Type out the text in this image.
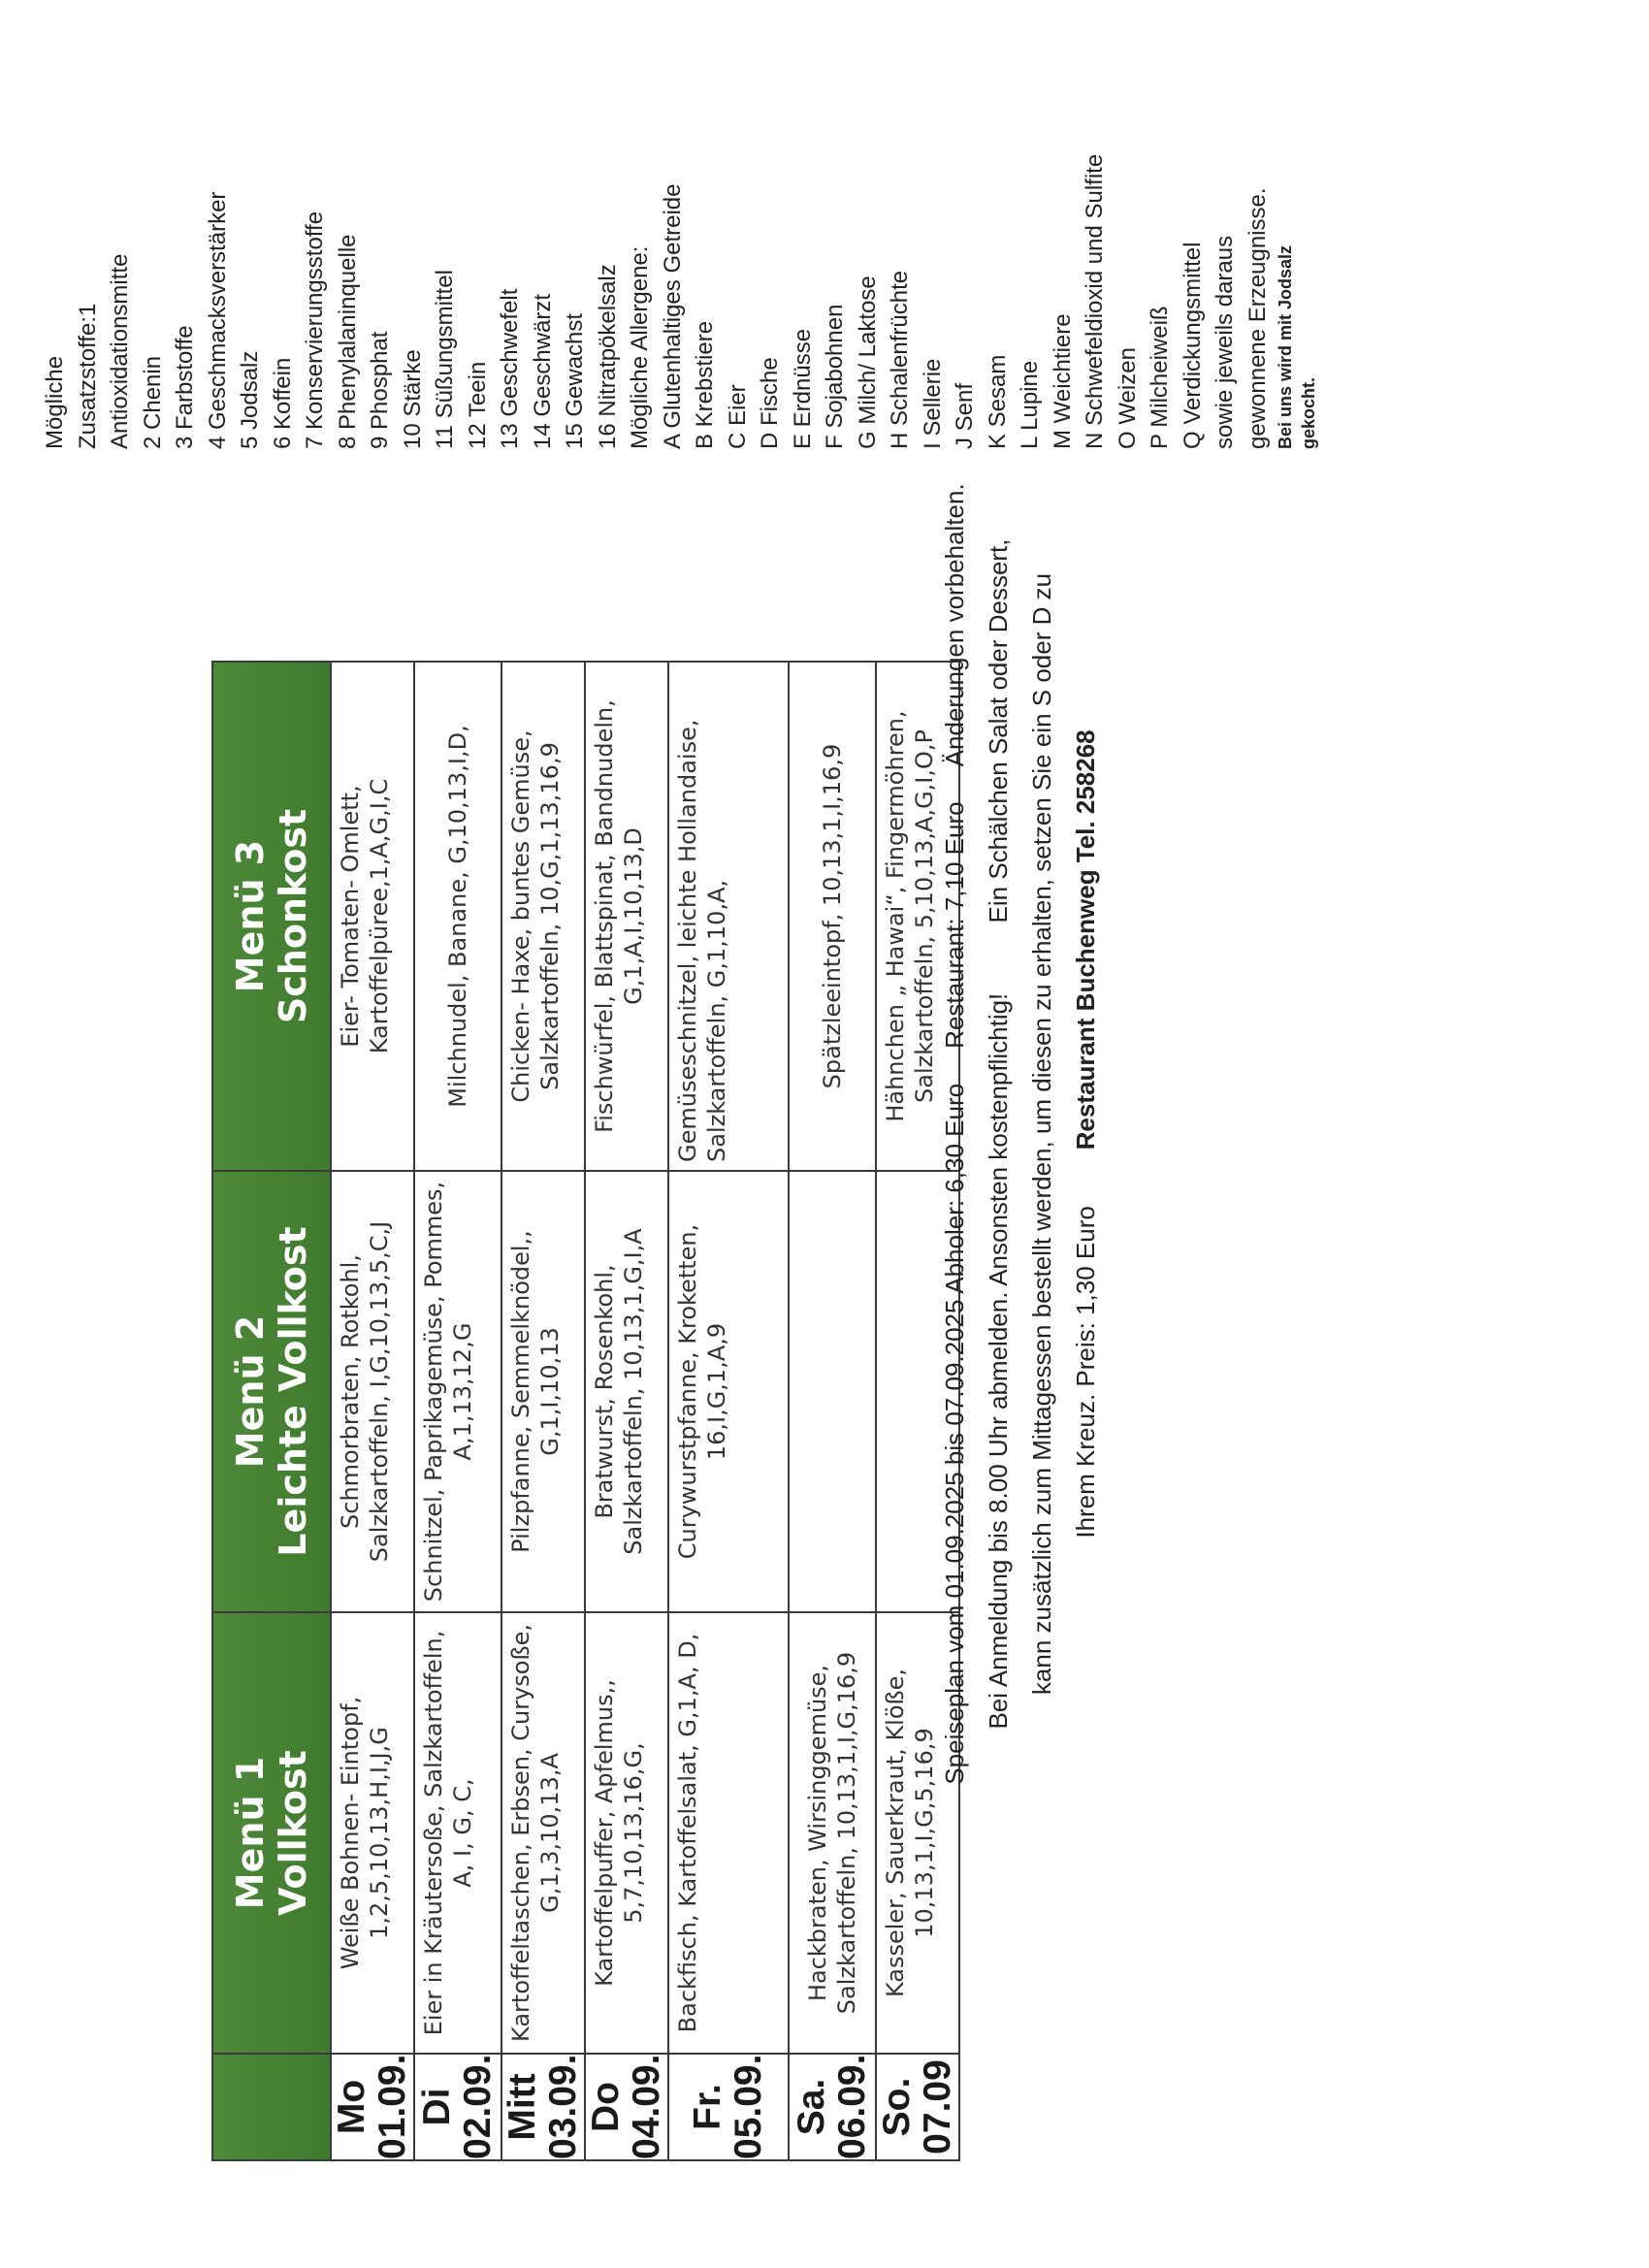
	Menü 1 Vollkost	Menü 2 Leichte Vollkost	Menü 3 Schonkost

Mo 01.09.	Weiße Bohnen- Eintopf, 1,2,5,10,13,H,I,J,G	Schmorbraten, Rotkohl, Salzkartoffeln, I,G,10,13,5,C,J	Eier- Tomaten- Omlett, Kartoffelpüree,1,A,G,I,C

Di 02.09.	Eier in Kräutersoße, Salzkartoffeln, A, I, G, C,	Schnitzel, Paprikagemüse, Pommes, A,1,13,12,G	Milchnudel, Banane, G,10,13,I,D,

Mitt 03.09.	Kartoffeltaschen, Erbsen, Curysoße, G,1,3,10,13,A	Pilzpfanne, Semmelknödel,, G,1,I,10,13	Chicken- Haxe, buntes Gemüse, Salzkartoffeln, 10,G,1,13,16,9

Do 04.09.	Kartoffelpuffer, Apfelmus,, 5,7,10,13,16,G,	Bratwurst, Rosenkohl, Salzkartoffeln, 10,13,1,G,I,A	Fischwürfel, Blattspinat, Bandnudeln, G,1,A,I,10,13,D

Fr. 05.09.	Backfisch, Kartoffelsalat, G,1,A, D,	Curywurstpfanne, Kroketten, 16,I,G,1,A,9	Gemüseschnitzel, leichte Hollandaise, Salzkartoffeln, G,1,10,A,

Sa. 06.09.	Hackbraten, Wirsinggemüse, Salzkartoffeln, 10,13,1,I,G,16,9		Spätzleeintopf, 10,13,1,I,16,9

So. 07.09	Kasseler, Sauerkraut, Klöße, 10,13,1,I,G,5,16,9		Hähnchen „ Hawai“, Fingermöhren, Salzkartoffeln, 5,10,13,A,G,I,O,P Speiseplan vom 01.09.2025 bis 07.09.2025 Abholer: 6,30 Euro     Restaurant: 7,10 Euro     Änderungen vorbehalten. Bei Anmeldung bis 8.00 Uhr abmelden. Ansonsten kostenpflichtig!          Ein Schälchen Salat oder Dessert, kann zusätzlich zum Mittagessen bestellt werden, um diesen zu erhalten, setzen Sie ein S oder D zu Ihrem Kreuz. Preis: 1,30 Euro        Restaurant Buchenweg Tel. 258268

Mögliche Zusatzstoffe:1 Antioxidationsmitte 2 Chenin 3 Farbstoffe 4 Geschmacksverstärker 5 Jodsalz 6 Koffein 7 Konservierungsstoffe 8 Phenylalaninquelle 9 Phosphat 10 Stärke 11 Süßungsmittel 12 Teein 13 Geschwefelt 14 Geschwärzt 15 Gewachst 16 Nitratpökelsalz Mögliche Allergene: A Glutenhaltiges Getreide B Krebstiere C Eier D Fische E Erdnüsse F Sojabohnen G Milch/ Laktose H Schalenfrüchte I Sellerie J Senf K Sesam L Lupine M Weichtiere N Schwefeldioxid und Sulfite O Weizen P Milcheiweiß Q Verdickungsmittel sowie jeweils daraus gewonnene Erzeugnisse. Bei uns wird mit Jodsalz gekocht.
